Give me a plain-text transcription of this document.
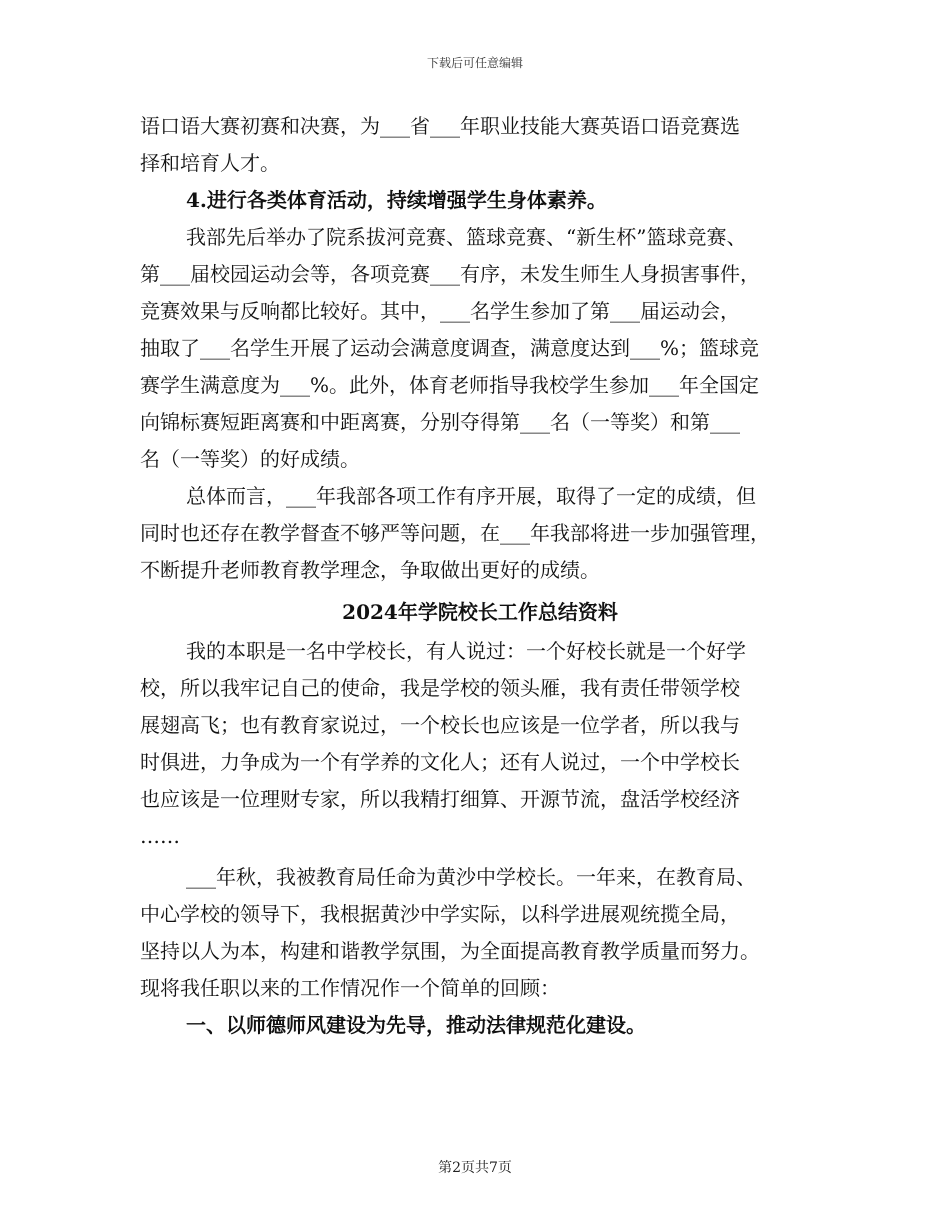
下载后可任意编辑
语口语大赛初赛和决赛，为___省___年职业技能大赛英语口语竞赛选
择和培育人才。
4.进行各类体育活动，持续增强学生身体素养。
我部先后举办了院系拔河竞赛、篮球竞赛、“新生杯”篮球竞赛、
第___届校园运动会等，各项竞赛___有序，未发生师生人身损害事件，
竞赛效果与反响都比较好。其中，___名学生参加了第___届运动会，
抽取了___名学生开展了运动会满意度调查，满意度达到___%；篮球竞
赛学生满意度为___%。此外，体育老师指导我校学生参加___年全国定
向锦标赛短距离赛和中距离赛，分别夺得第___名（一等奖）和第___
名（一等奖）的好成绩。
总体而言，___年我部各项工作有序开展，取得了一定的成绩，但
同时也还存在教学督查不够严等问题，在___年我部将进一步加强管理，
不断提升老师教育教学理念，争取做出更好的成绩。
2024年学院校长工作总结资料
我的本职是一名中学校长，有人说过：一个好校长就是一个好学
校，所以我牢记自己的使命，我是学校的领头雁，我有责任带领学校
展翅高飞；也有教育家说过，一个校长也应该是一位学者，所以我与
时俱进，力争成为一个有学养的文化人；还有人说过，一个中学校长
也应该是一位理财专家，所以我精打细算、开源节流，盘活学校经济
……
___年秋，我被教育局任命为黄沙中学校长。一年来，在教育局、
中心学校的领导下，我根据黄沙中学实际，以科学进展观统揽全局，
坚持以人为本，构建和谐教学氛围，为全面提高教育教学质量而努力。
现将我任职以来的工作情况作一个简单的回顾：
一、以师德师风建设为先导，推动法律规范化建设。
第2页共7页
